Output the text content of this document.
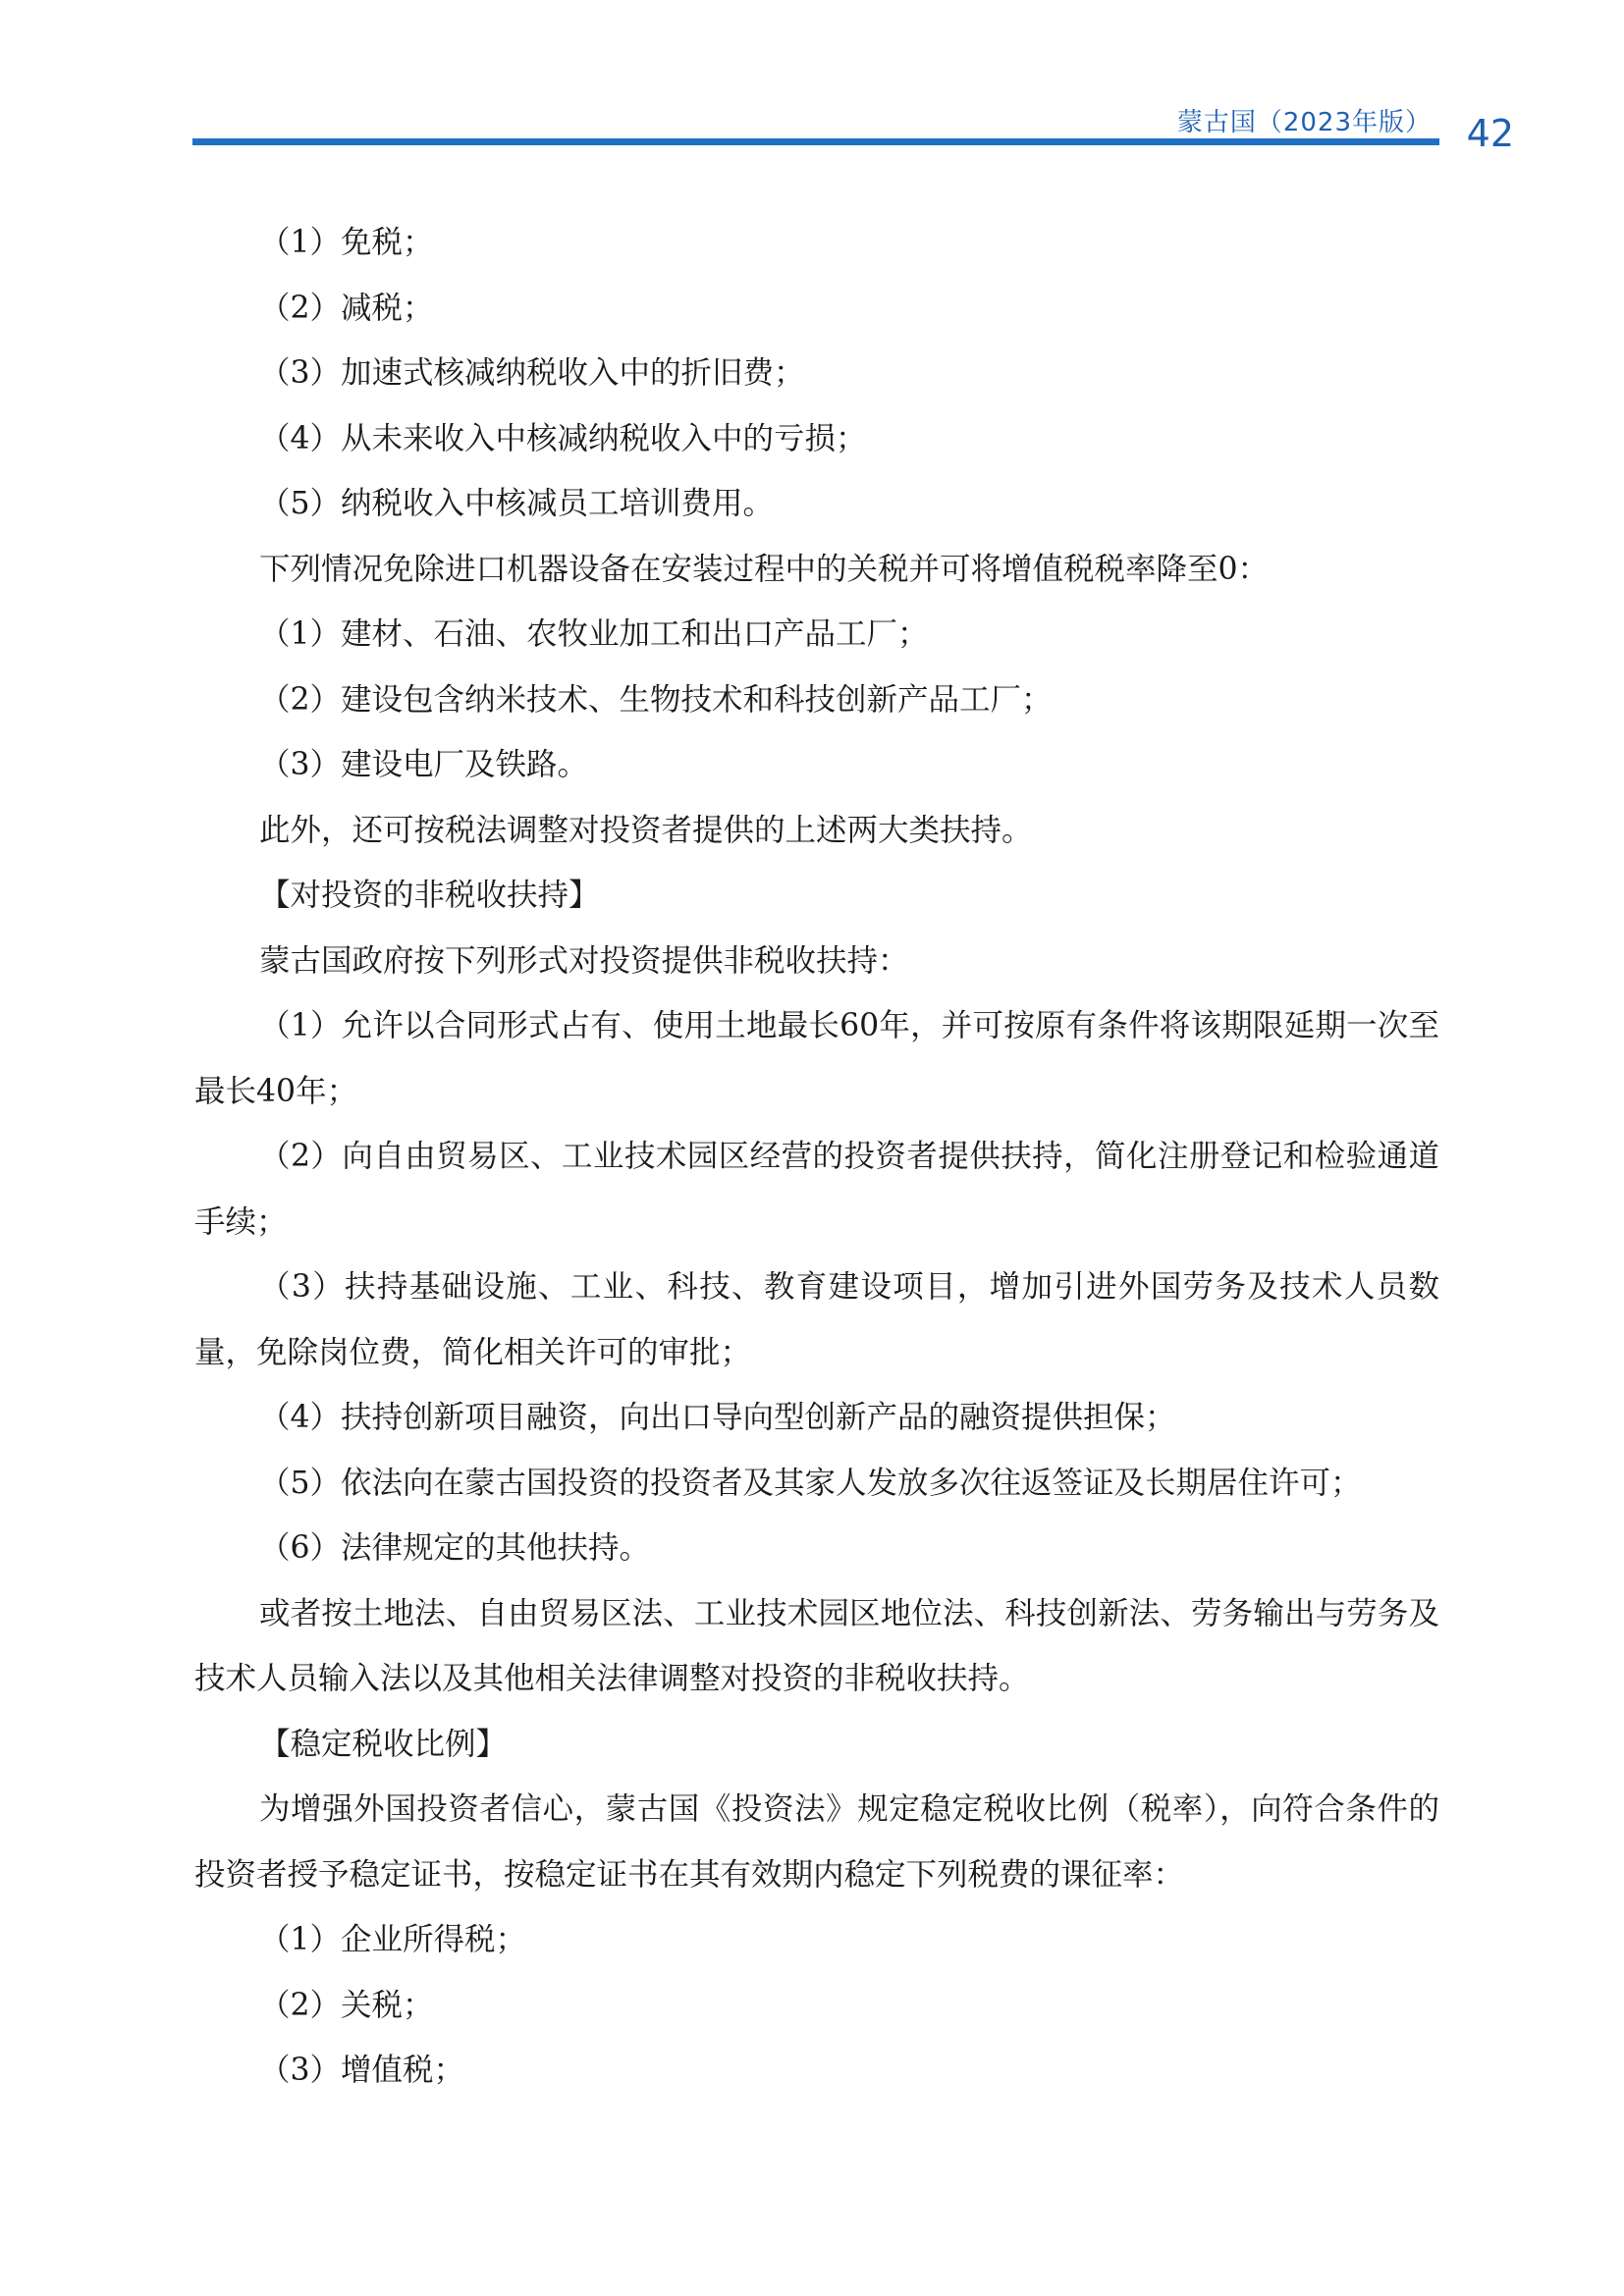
蒙古国（2023年版） 42

（1）免税；

（2）减税；

（3）加速式核减纳税收入中的折旧费；

（4）从未来收入中核减纳税收入中的亏损；

（5）纳税收入中核减员工培训费用。

下列情况免除进口机器设备在安装过程中的关税并可将增值税税率降至0：

（1）建材、石油、农牧业加工和出口产品工厂；

（2）建设包含纳米技术、生物技术和科技创新产品工厂；

（3）建设电厂及铁路。

此外，还可按税法调整对投资者提供的上述两大类扶持。

【对投资的非税收扶持】

蒙古国政府按下列形式对投资提供非税收扶持：

（1）允许以合同形式占有、使用土地最长60年，并可按原有条件将该期限延期一次至最长40年；

（2）向自由贸易区、工业技术园区经营的投资者提供扶持，简化注册登记和检验通道手续；

（3）扶持基础设施、工业、科技、教育建设项目，增加引进外国劳务及技术人员数量，免除岗位费，简化相关许可的审批；

（4）扶持创新项目融资，向出口导向型创新产品的融资提供担保；

（5）依法向在蒙古国投资的投资者及其家人发放多次往返签证及长期居住许可；

（6）法律规定的其他扶持。

或者按土地法、自由贸易区法、工业技术园区地位法、科技创新法、劳务输出与劳务及技术人员输入法以及其他相关法律调整对投资的非税收扶持。

【稳定税收比例】

为增强外国投资者信心，蒙古国《投资法》规定稳定税收比例（税率），向符合条件的投资者授予稳定证书，按稳定证书在其有效期内稳定下列税费的课征率：

（1）企业所得税；

（2）关税；

（3）增值税；
